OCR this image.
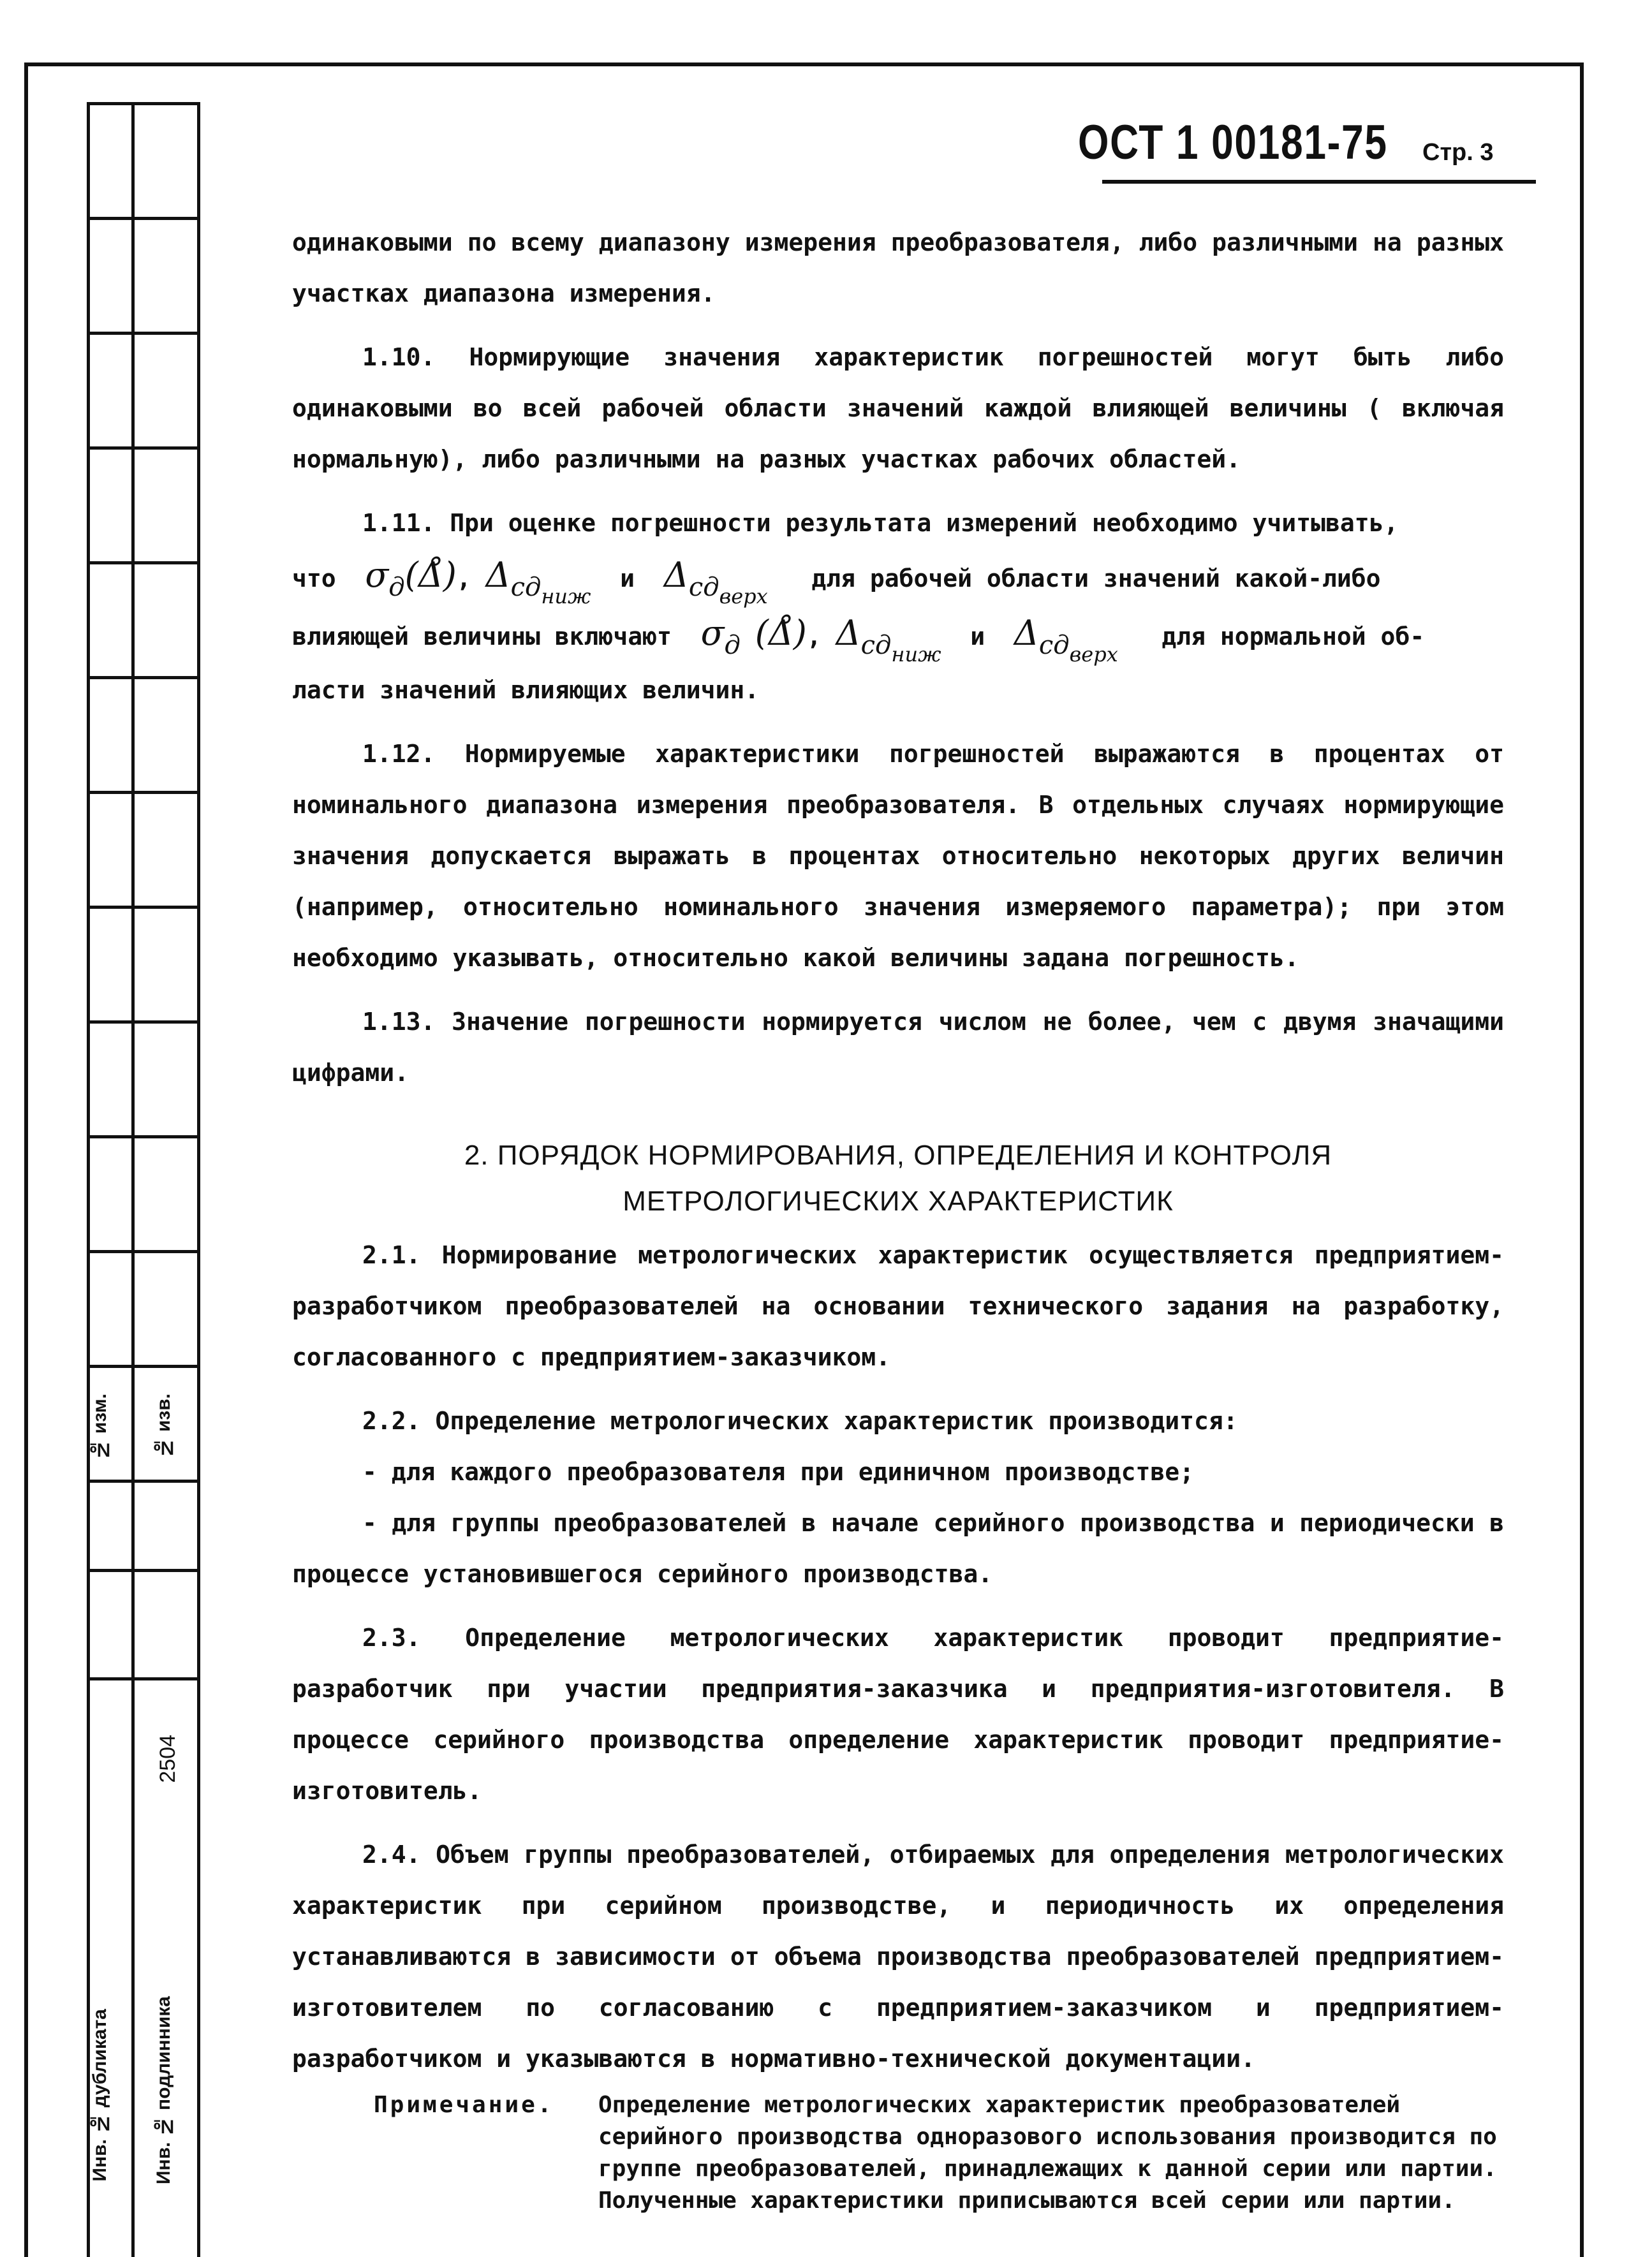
№ изм. № изв.
Инв. № дубликата Инв. № подлинника
2504
ОСТ 1 00181-75 Стр. 3

одинаковыми по всему диапазону измерения преобразователя, либо различными на разных участках диапазона измерения.

1.10. Нормирующие значения характеристик погрешностей могут быть либо одинаковыми во всей рабочей области значений каждой влияющей величины ( включая нормальную), либо различными на разных участках рабочих областей.

1.11. При оценке погрешности результата измерений необходимо учитывать,

что σд(Δ̊), Δсд$_{ниж}$  и Δсд$_{верх}$   для рабочей области значений какой-либо

влияющей величины включают σд (Δ̊), Δсд$_{ниж}$  и Δсд$_{верх}$   для нормальной об-

ласти значений влияющих величин.

1.12. Нормируемые характеристики погрешностей выражаются в процентах от номинального диапазона измерения преобразователя. В отдельных случаях нормирующие значения допускается выражать в процентах относительно некоторых других величин (например, относительно номинального значения измеряемого параметра); при этом необходимо указывать, относительно какой величины задана погрешность.

1.13. Значение погрешности нормируется числом не более, чем с двумя значащими цифрами.

2. ПОРЯДОК НОРМИРОВАНИЯ, ОПРЕДЕЛЕНИЯ И КОНТРОЛЯ

МЕТРОЛОГИЧЕСКИХ ХАРАКТЕРИСТИК

2.1. Нормирование метрологических характеристик осуществляется предприятием-разработчиком преобразователей на основании технического задания на разработку, согласованного с предприятием-заказчиком.

2.2. Определение метрологических характеристик производится:

- для каждого преобразователя при единичном производстве;

- для группы преобразователей в начале серийного производства и периодически в процессе установившегося серийного производства.

2.3. Определение метрологических характеристик проводит предприятие-разработчик при участии предприятия-заказчика и предприятия-изготовителя. В процессе серийного производства определение характеристик проводит предприятие-изготовитель.

2.4. Объем группы преобразователей, отбираемых для определения метрологических характеристик при серийном производстве, и периодичность их определения устанавливаются в зависимости от объема производства преобразователей предприятием-изготовителем по согласованию с предприятием-заказчиком и предприятием-разработчиком и указываются в нормативно-технической документации.

Примечание. Определение метрологических характеристик преобразователей серийного производства одноразового использования производится по группе преобразователей, принадлежащих к данной серии или партии. Полученные характеристики приписываются всей серии или партии.
